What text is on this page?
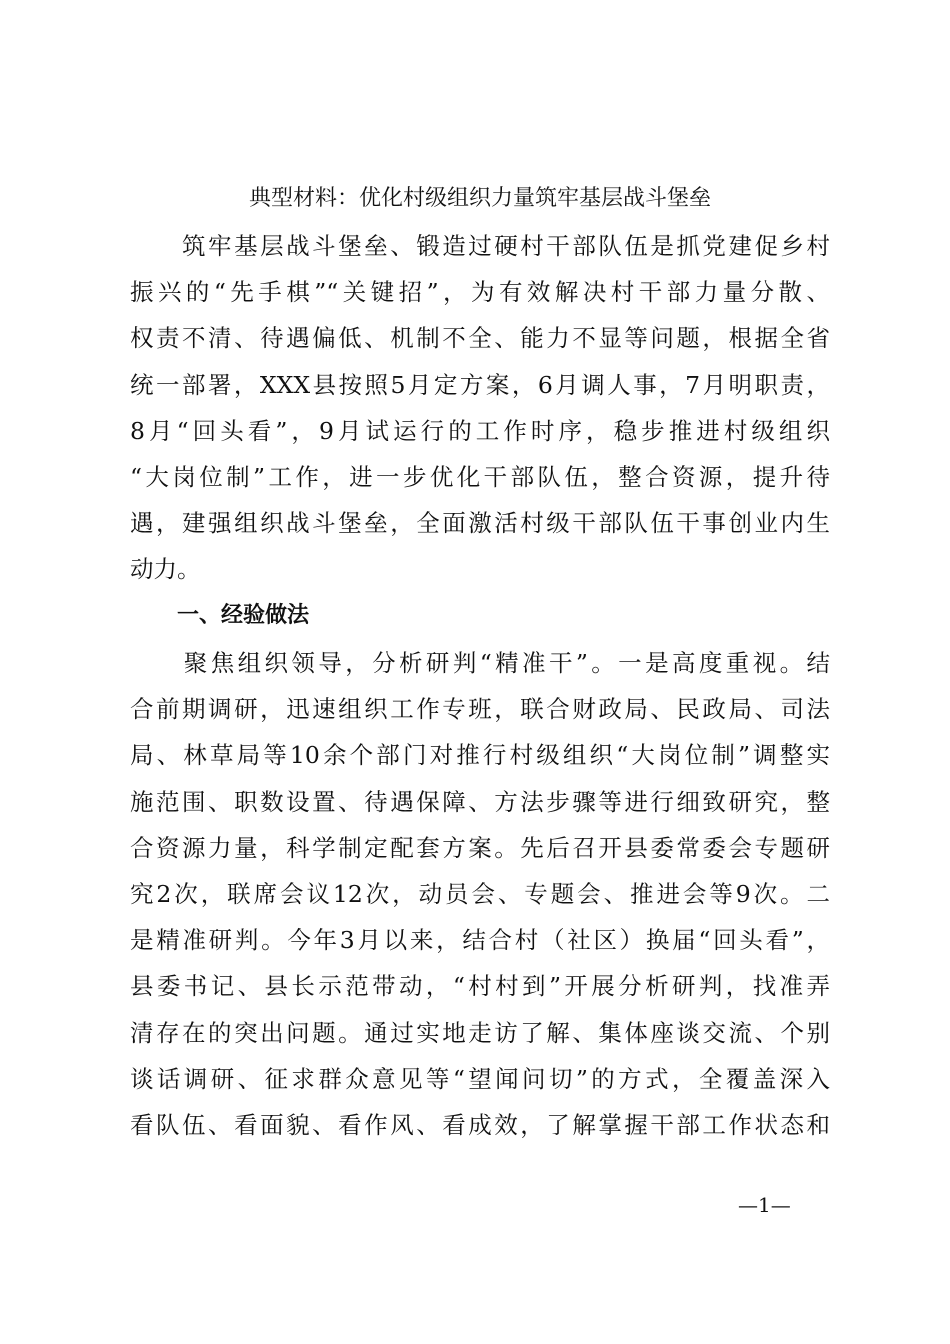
典型材料：优化村级组织力量筑牢基层战斗堡垒
　　筑牢基层战斗堡垒、锻造过硬村干部队伍是抓党建促乡村
振兴的“先手棋”“关键招”，为有效解决村干部力量分散、
权责不清、待遇偏低、机制不全、能力不显等问题，根据全省
统一部署，XXX县按照5月定方案，6月调人事，7月明职责，
8月“回头看”，9月试运行的工作时序，稳步推进村级组织
“大岗位制”工作，进一步优化干部队伍，整合资源，提升待
遇，建强组织战斗堡垒，全面激活村级干部队伍干事创业内生
动力。
一、经验做法
　　聚焦组织领导，分析研判“精准干”。一是高度重视。结
合前期调研，迅速组织工作专班，联合财政局、民政局、司法
局、林草局等10余个部门对推行村级组织“大岗位制”调整实
施范围、职数设置、待遇保障、方法步骤等进行细致研究，整
合资源力量，科学制定配套方案。先后召开县委常委会专题研
究2次，联席会议12次，动员会、专题会、推进会等9次。二
是精准研判。今年3月以来，结合村（社区）换届“回头看”，
县委书记、县长示范带动，“村村到”开展分析研判，找准弄
清存在的突出问题。通过实地走访了解、集体座谈交流、个别
谈话调研、征求群众意见等“望闻问切”的方式，全覆盖深入
看队伍、看面貌、看作风、看成效，了解掌握干部工作状态和
—1—
